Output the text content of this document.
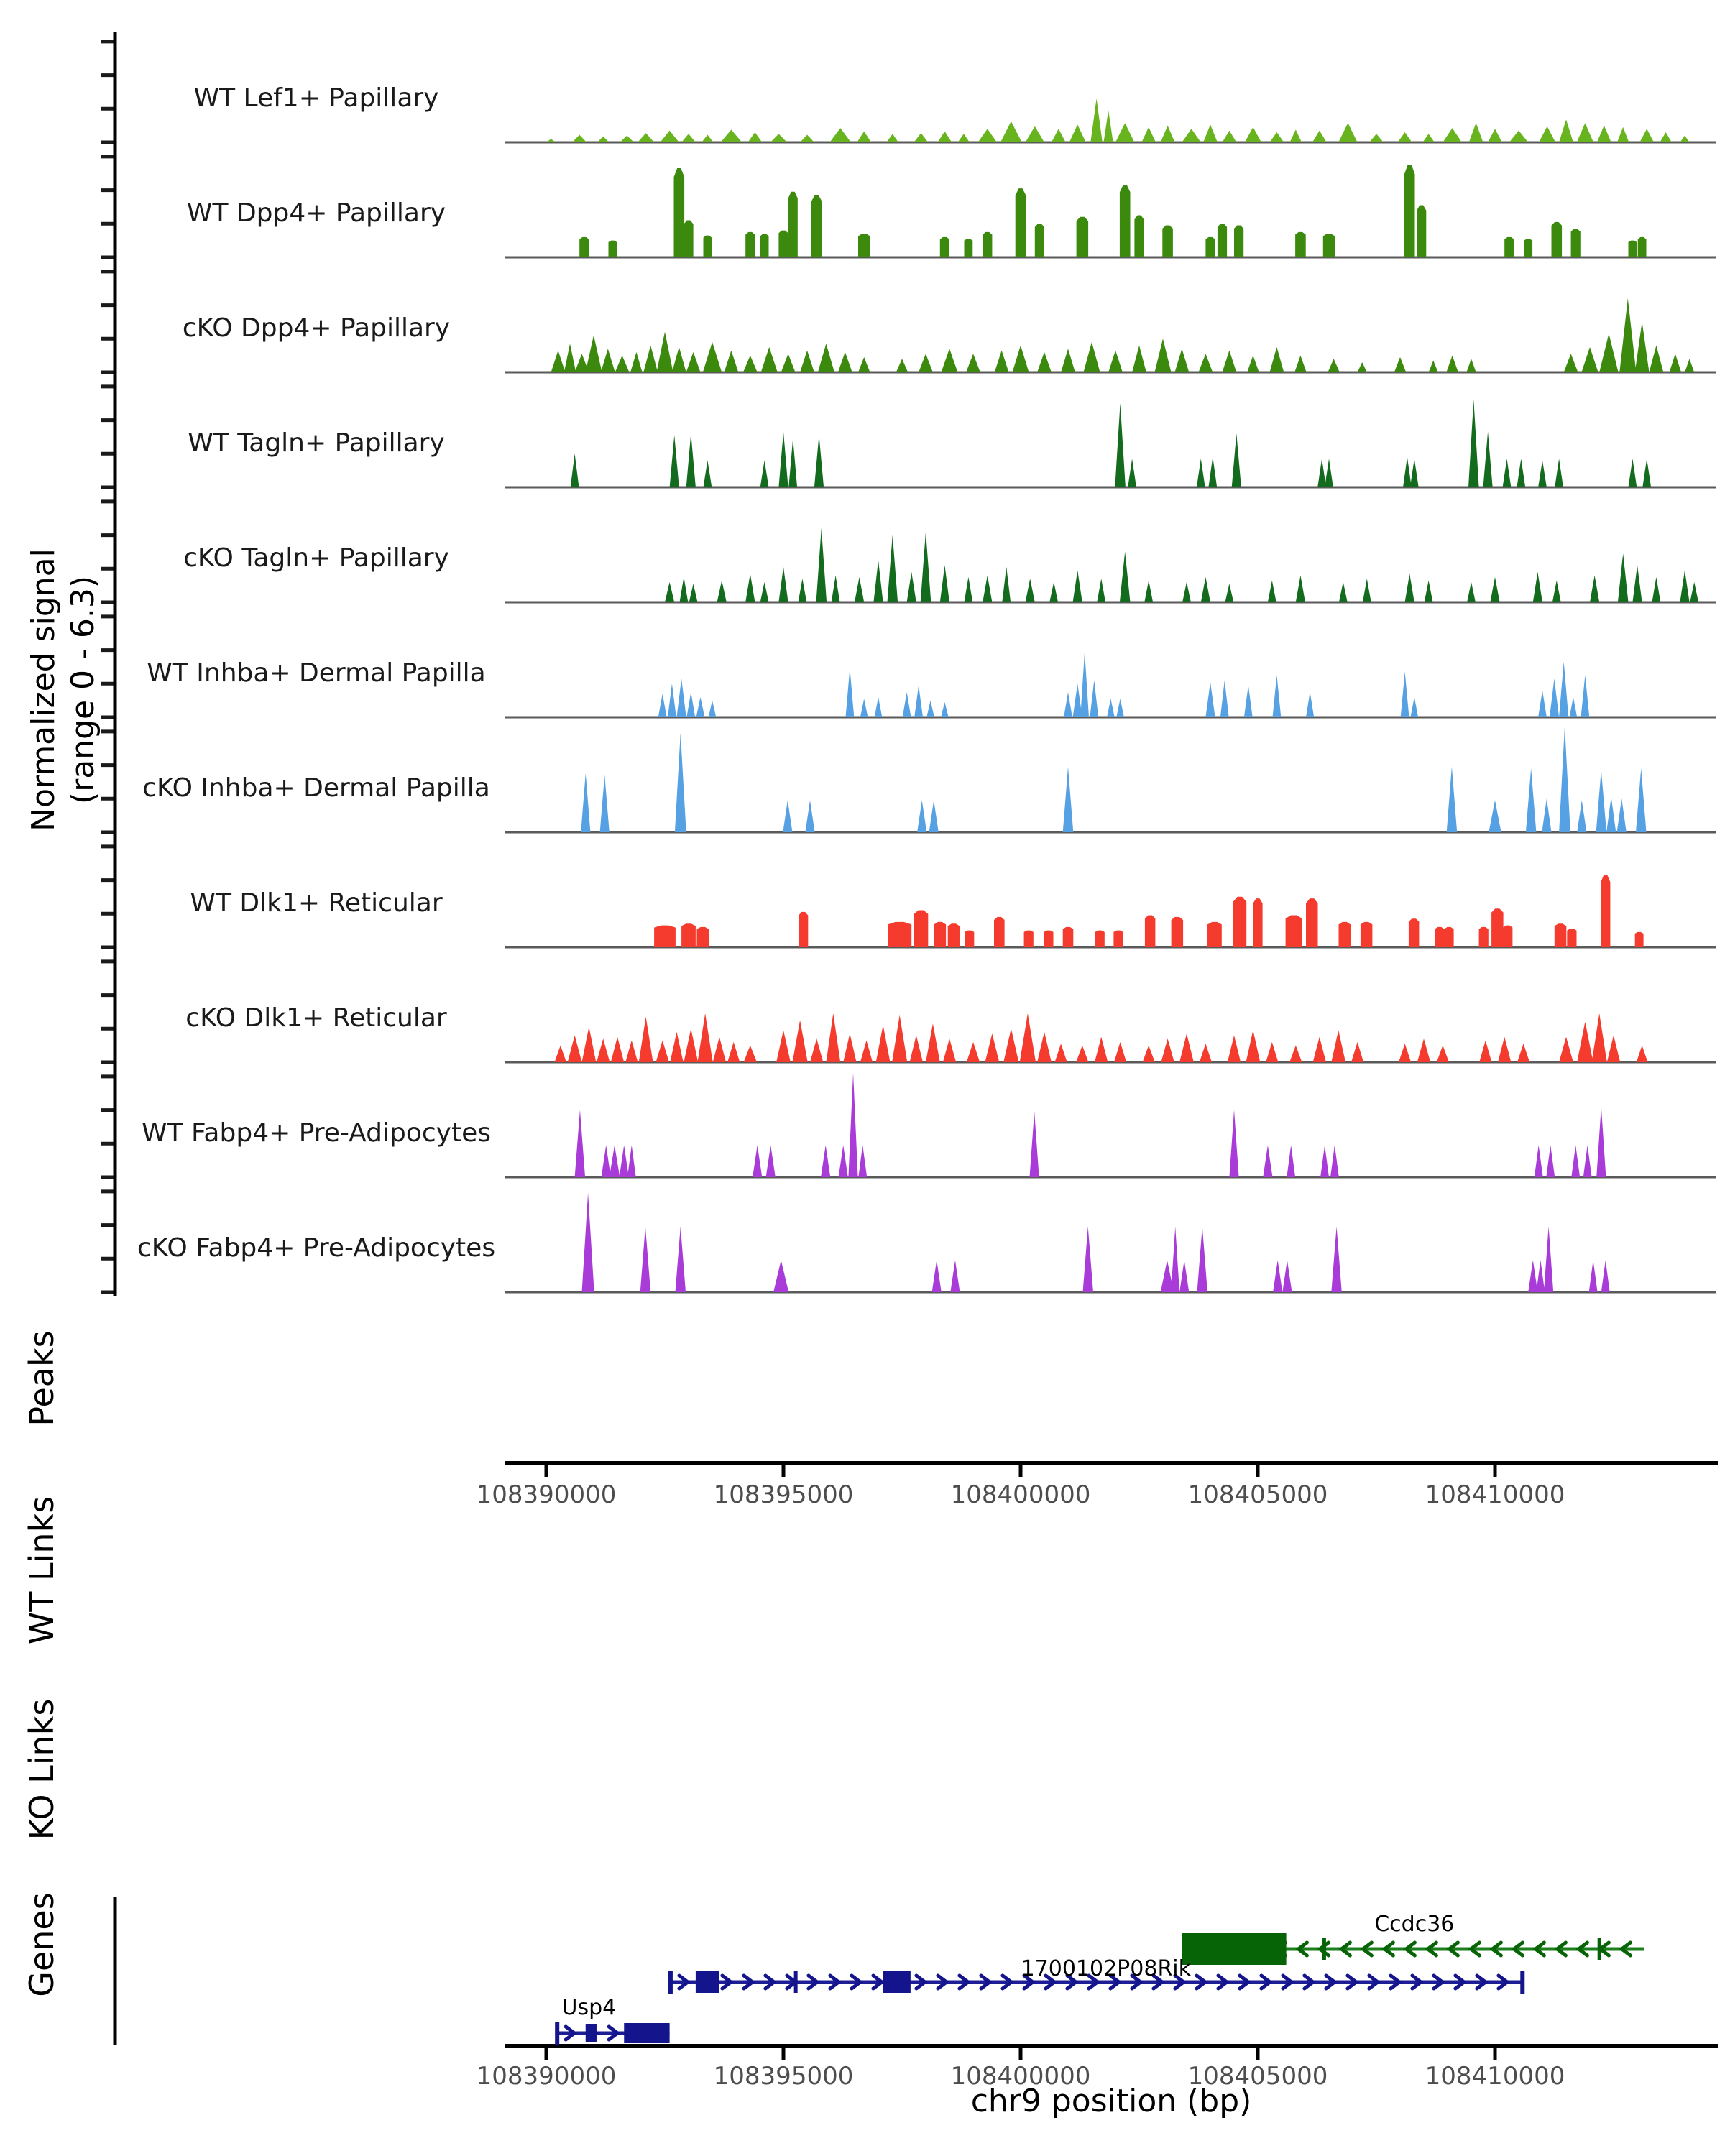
Normalized signal (range 0 - 6.3)
WT Lef1+ Papillary
WT Dpp4+ Papillary
cKO Dpp4+ Papillary
WT Tagln+ Papillary
cKO Tagln+ Papillary
WT Inhba+ Dermal Papilla
cKO Inhba+ Dermal Papilla
WT Dlk1+ Reticular
cKO Dlk1+ Reticular
WT Fabp4+ Pre-Adipocytes
cKO Fabp4+ Pre-Adipocytes
Peaks
WT Links
KO Links
Genes
108390000	108395000	108400000	108405000	108410000
108390000	108395000	108400000	108405000	108410000
Ccdc36
1700102P08Rik
Usp4
chr9 position (bp)
